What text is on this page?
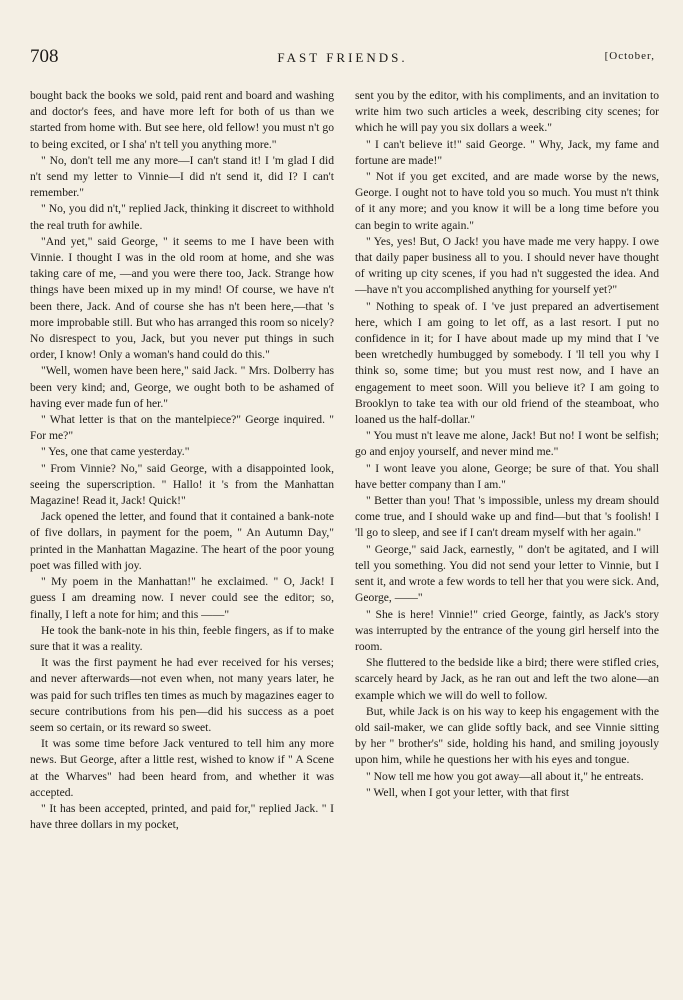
708	FAST FRIENDS.	[October,

bought back the books we sold, paid rent and board and washing and doctor's fees, and have more left for both of us than we started from home with. But see here, old fellow! you must n't go to being excited, or I sha' n't tell you anything more."

" No, don't tell me any more—I can't stand it! I 'm glad I did n't send my letter to Vinnie—I did n't send it, did I? I can't remember."

" No, you did n't," replied Jack, thinking it discreet to withhold the real truth for awhile.

"And yet," said George, " it seems to me I have been with Vinnie. I thought I was in the old room at home, and she was taking care of me, —and you were there too, Jack. Strange how things have been mixed up in my mind! Of course, we have n't been there, Jack. And of course she has n't been here,—that 's more improbable still. But who has arranged this room so nicely? No disrespect to you, Jack, but you never put things in such order, I know! Only a woman's hand could do this."

"Well, women have been here," said Jack. " Mrs. Dolberry has been very kind; and, George, we ought both to be ashamed of having ever made fun of her."

" What letter is that on the mantelpiece?" George inquired. " For me?"

" Yes, one that came yesterday."

" From Vinnie? No," said George, with a disappointed look, seeing the superscription. " Hallo! it 's from the Manhattan Magazine! Read it, Jack! Quick!"

Jack opened the letter, and found that it contained a bank-note of five dollars, in payment for the poem, " An Autumn Day," printed in the Manhattan Magazine. The heart of the poor young poet was filled with joy.

" My poem in the Manhattan!" he exclaimed. " O, Jack! I guess I am dreaming now. I never could see the editor; so, finally, I left a note for him; and this ——"

He took the bank-note in his thin, feeble fingers, as if to make sure that it was a reality.

It was the first payment he had ever received for his verses; and never afterwards—not even when, not many years later, he was paid for such trifles ten times as much by magazines eager to secure contributions from his pen—did his success as a poet seem so certain, or its reward so sweet.

It was some time before Jack ventured to tell him any more news. But George, after a little rest, wished to know if " A Scene at the Wharves" had been heard from, and whether it was accepted.

" It has been accepted, printed, and paid for," replied Jack. " I have three dollars in my pocket,

sent you by the editor, with his compliments, and an invitation to write him two such articles a week, describing city scenes; for which he will pay you six dollars a week."

" I can't believe it!" said George. " Why, Jack, my fame and fortune are made!"

" Not if you get excited, and are made worse by the news, George. I ought not to have told you so much. You must n't think of it any more; and you know it will be a long time before you can begin to write again."

" Yes, yes! But, O Jack! you have made me very happy. I owe that daily paper business all to you. I should never have thought of writing up city scenes, if you had n't suggested the idea. And—have n't you accomplished anything for yourself yet?"

" Nothing to speak of. I 've just prepared an advertisement here, which I am going to let off, as a last resort. I put no confidence in it; for I have about made up my mind that I 've been wretchedly humbugged by somebody. I 'll tell you why I think so, some time; but you must rest now, and I have an engagement to meet soon. Will you believe it? I am going to Brooklyn to take tea with our old friend of the steamboat, who loaned us the half-dollar."

" You must n't leave me alone, Jack! But no! I wont be selfish; go and enjoy yourself, and never mind me."

" I wont leave you alone, George; be sure of that. You shall have better company than I am."

" Better than you! That 's impossible, unless my dream should come true, and I should wake up and find—but that 's foolish! I 'll go to sleep, and see if I can't dream myself with her again."

" George," said Jack, earnestly, " don't be agitated, and I will tell you something. You did not send your letter to Vinnie, but I sent it, and wrote a few words to tell her that you were sick. And, George, ——"

" She is here! Vinnie!" cried George, faintly, as Jack's story was interrupted by the entrance of the young girl herself into the room.

She fluttered to the bedside like a bird; there were stifled cries, scarcely heard by Jack, as he ran out and left the two alone—an example which we will do well to follow.

But, while Jack is on his way to keep his engagement with the old sail-maker, we can glide softly back, and see Vinnie sitting by her " brother's" side, holding his hand, and smiling joyously upon him, while he questions her with his eyes and tongue.

" Now tell me how you got away—all about it," he entreats.

" Well, when I got your letter, with that first
